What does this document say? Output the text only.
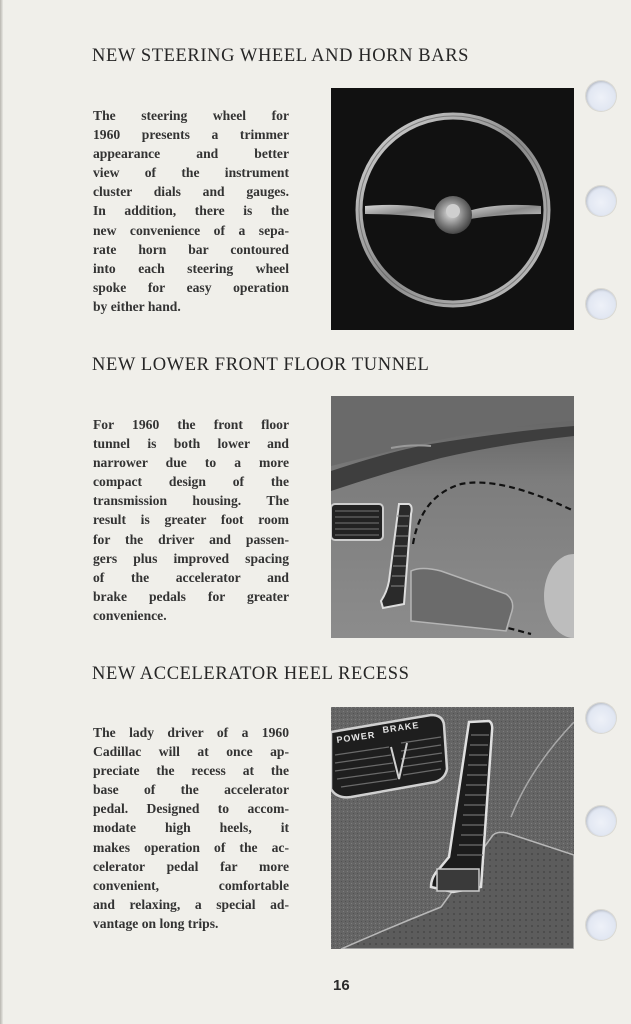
NEW STEERING WHEEL AND HORN BARS
The steering wheel for
1960 presents a trimmer
appearance and better
view of the instrument
cluster dials and gauges.
In addition, there is the
new convenience of a sepa-
rate horn bar contoured
into each steering wheel
spoke for easy operation
by either hand.
NEW LOWER FRONT FLOOR TUNNEL
For 1960 the front floor
tunnel is both lower and
narrower due to a more
compact design of the
transmission housing. The
result is greater foot room
for the driver and passen-
gers plus improved spacing
of the accelerator and
brake pedals for greater
convenience.
NEW ACCELERATOR HEEL RECESS
The lady driver of a 1960
Cadillac will at once ap-
preciate the recess at the
base of the accelerator
pedal. Designed to accom-
modate high heels, it
makes operation of the ac-
celerator pedal far more
convenient, comfortable
and relaxing, a special ad-
vantage on long trips.
POWER
BRAKE
16
